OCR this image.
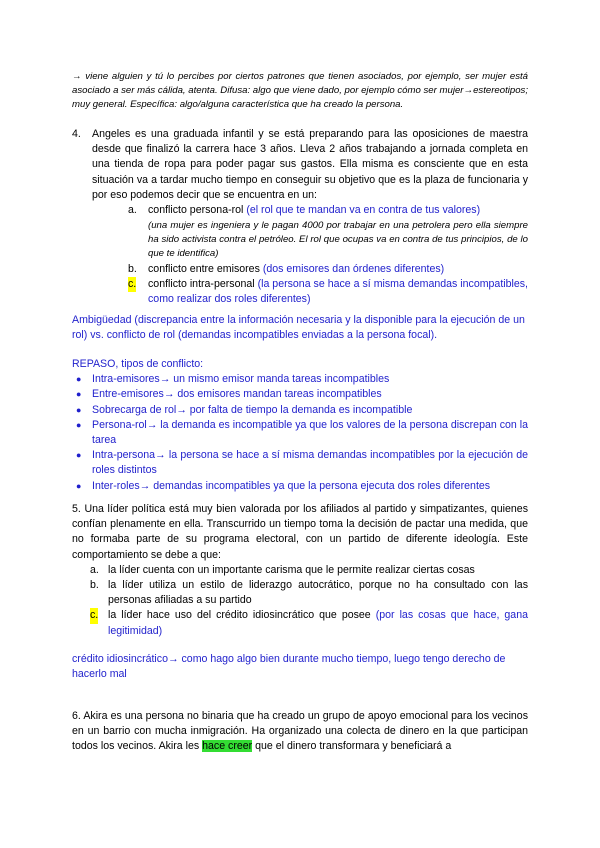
→ viene alguien y tú lo percibes por ciertos patrones que tienen asociados, por ejemplo, ser mujer está asociado a ser más cálida, atenta. Difusa: algo que viene dado, por ejemplo cómo ser mujer→estereotipos; muy general. Específica: algo/alguna característica que ha creado la persona.
4. Angeles es una graduada infantil y se está preparando para las oposiciones de maestra desde que finalizó la carrera hace 3 años. Lleva 2 años trabajando a jornada completa en una tienda de ropa para poder pagar sus gastos. Ella misma es consciente que en esta situación va a tardar mucho tiempo en conseguir su objetivo que es la plaza de funcionaria y por eso podemos decir que se encuentra en un:
a. conflicto persona-rol (el rol que te mandan va en contra de tus valores)
(una mujer es ingeniera y le pagan 4000 por trabajar en una petrolera pero ella siempre ha sido activista contra el petróleo. El rol que ocupas va en contra de tus principios, de lo que te identifica)
b. conflicto entre emisores (dos emisores dan órdenes diferentes)
c. conflicto intra-personal (la persona se hace a sí misma demandas incompatibles, como realizar dos roles diferentes)
Ambigüedad (discrepancia entre la información necesaria y la disponible para la ejecución de un rol) vs. conflicto de rol (demandas incompatibles enviadas a la persona focal).
REPASO, tipos de conflicto:
● Intra-emisores→ un mismo emisor manda tareas incompatibles
● Entre-emisores→ dos emisores mandan tareas incompatibles
● Sobrecarga de rol→ por falta de tiempo la demanda es incompatible
● Persona-rol→ la demanda es incompatible ya que los valores de la persona discrepan con la tarea
● Intra-persona→ la persona se hace a sí misma demandas incompatibles por la ejecución de roles distintos
● Inter-roles→ demandas incompatibles ya que la persona ejecuta dos roles diferentes
5. Una líder política está muy bien valorada por los afiliados al partido y simpatizantes, quienes confían plenamente en ella. Transcurrido un tiempo toma la decisión de pactar una medida, que no formaba parte de su programa electoral, con un partido de diferente ideología. Este comportamiento se debe a que:
a. la líder cuenta con un importante carisma que le permite realizar ciertas cosas
b. la líder utiliza un estilo de liderazgo autocrático, porque no ha consultado con las personas afiliadas a su partido
c. la líder hace uso del crédito idiosincrático que posee (por las cosas que hace, gana legitimidad)
crédito idiosincrático→ como hago algo bien durante mucho tiempo, luego tengo derecho de hacerlo mal
6. Akira es una persona no binaria que ha creado un grupo de apoyo emocional para los vecinos en un barrio con mucha inmigración. Ha organizado una colecta de dinero en la que participan todos los vecinos. Akira les hace creer que el dinero transformara y beneficiará a
